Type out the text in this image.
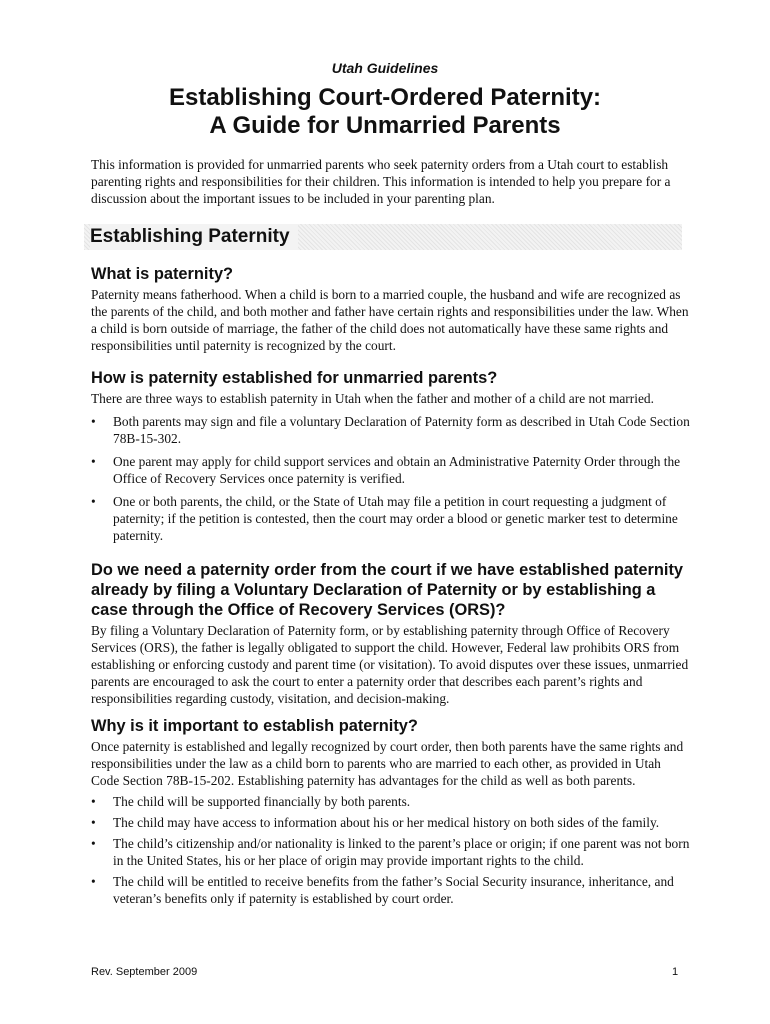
Utah Guidelines
Establishing Court-Ordered Paternity:
A Guide for Unmarried Parents
This information is provided for unmarried parents who seek paternity orders from a Utah court to establish parenting rights and responsibilities for their children. This information is intended to help you prepare for a discussion about the important issues to be included in your parenting plan.
Establishing Paternity
What is paternity?
Paternity means fatherhood. When a child is born to a married couple, the husband and wife are recognized as the parents of the child, and both mother and father have certain rights and responsibilities under the law. When a child is born outside of marriage, the father of the child does not automatically have these same rights and responsibilities until paternity is recognized by the court.
How is paternity established for unmarried parents?
There are three ways to establish paternity in Utah when the father and mother of a child are not married.
• Both parents may sign and file a voluntary Declaration of Paternity form as described in Utah Code Section 78B-15-302.
• One parent may apply for child support services and obtain an Administrative Paternity Order through the Office of Recovery Services once paternity is verified.
• One or both parents, the child, or the State of Utah may file a petition in court requesting a judgment of paternity; if the petition is contested, then the court may order a blood or genetic marker test to determine paternity.
Do we need a paternity order from the court if we have established paternity already by filing a Voluntary Declaration of Paternity or by establishing a case through the Office of Recovery Services (ORS)?
By filing a Voluntary Declaration of Paternity form, or by establishing paternity through Office of Recovery Services (ORS), the father is legally obligated to support the child. However, Federal law prohibits ORS from establishing or enforcing custody and parent time (or visitation). To avoid disputes over these issues, unmarried parents are encouraged to ask the court to enter a paternity order that describes each parent’s rights and responsibilities regarding custody, visitation, and decision-making.
Why is it important to establish paternity?
Once paternity is established and legally recognized by court order, then both parents have the same rights and responsibilities under the law as a child born to parents who are married to each other, as provided in Utah Code Section 78B-15-202. Establishing paternity has advantages for the child as well as both parents.
• The child will be supported financially by both parents.
• The child may have access to information about his or her medical history on both sides of the family.
• The child’s citizenship and/or nationality is linked to the parent’s place or origin; if one parent was not born in the United States, his or her place of origin may provide important rights to the child.
• The child will be entitled to receive benefits from the father’s Social Security insurance, inheritance, and veteran’s benefits only if paternity is established by court order.
Rev. September 2009	1
